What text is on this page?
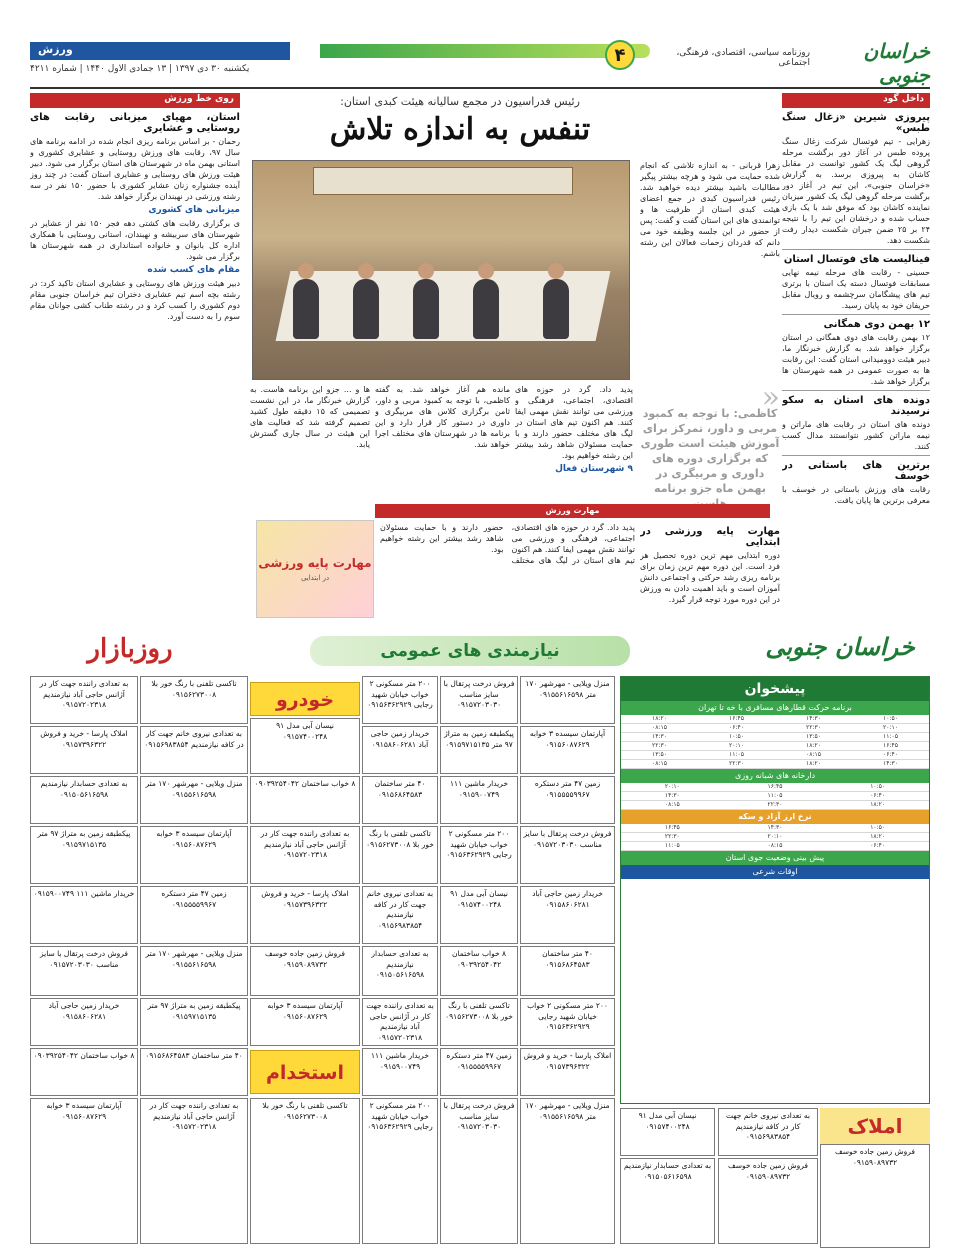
خراسان جنوبی
روزنامه سیاسی، اقتصادی، فرهنگی، اجتماعی
۴
ورزش
یکشنبه ۳۰ دی ۱۳۹۷ | ۱۳ جمادی الاول ۱۴۴۰ | شماره ۴۲۱۱
داخل گود
پیروزی شیرین «زغال سنگ طبس»
زهرایی - تیم فوتسال شرکت زغال سنگ پروده طبس در آغاز دور برگشت مرحله گروهی لیگ یک کشور توانست در مقابل کاشان به پیروزی برسد. به گزارش «خراسان جنوبی»، این تیم در آغاز دور برگشت مرحله گروهی لیگ یک کشور میزبان نماینده کاشان بود که موفق شد با یک بازی حساب شده و درخشان این تیم را با نتیجه ۲۴ بر ۲۵ ضمن جبران شکست دیدار رفت شکست دهد.
فینالیست های فوتسال استان
حسینی - رقابت های مرحله نیمه نهایی مسابقات فوتسال دسته یک استان با برتری تیم های پیشگامان سرچشمه و رویال مقابل حریفان خود به پایان رسید.
۱۲ بهمن دوی همگانی
۱۲ بهمن رقابت های دوی همگانی در استان برگزار خواهد شد. به گزارش خبرنگار ما، دبیر هیئت دوومیدانی استان گفت: این رقابت ها به صورت عمومی در همه شهرستان ها برگزار خواهد شد.
دونده های استان به سکو نرسیدند
دونده های استان در رقابت های ماراتن و نیمه ماراتن کشور نتوانستند مدال کسب کنند.
برترین های باستانی در خوسف
رقابت های ورزش باستانی در خوسف با معرفی برترین ها پایان یافت.
رئیس فدراسیون در مجمع سالیانه هیئت کبدی استان:
تنفس به اندازه تلاش
زهرا قربانی - به اندازه تلاشی که انجام شده حمایت می شود و هرچه بیشتر پیگیر مطالبات باشید بیشتر دیده خواهید شد. رئیس فدراسیون کبدی در جمع اعضای هیئت کبدی استان از ظرفیت ها و توانمندی های این استان گفت و گفت: پس از حضور در این جلسه وظیفه خود می دانم که قدردان زحمات فعالان این رشته باشم.
پدید داد. گرد در حوزه های اقتصادی، اجتماعی، فرهنگی و ورزشی می توانند نقش مهمی ایفا کنند. هم اکنون تیم های استان در لیگ های مختلف حضور دارند و با حمایت مسئولان شاهد رشد بیشتر این رشته خواهیم بود.
۹ شهرستان فعال
مانده هم آغاز خواهد شد. به گفته کاظمی، با توجه به کمبود مربی و داور، ثامن برگزاری کلاس های مربیگری و داوری در دستور کار قرار دارد و این برنامه ها در شهرستان های مختلف اجرا خواهد شد.
ها و ... جزو این برنامه هاست. به گزارش خبرنگار ما، در این نشست تصمیمی که ۱۵ دقیقه طول کشید تصمیم گرفته شد که فعالیت های این هیئت در سال جاری گسترش یابد.
«
کاظمی: با توجه به کمبود مربی و داور، تمرکز برای آموزش هیئت است طوری که برگزاری دوره های داوری و مربیگری در بهمن ماه جزو برنامه
مهارت ورزش
مهارت پایه ورزشی
در ابتدایی
مهارت پایه ورزشی در ابتدایی
دوره ابتدایی مهم ترین دوره تحصیل هر فرد است. این دوره مهم ترین زمان برای برنامه ریزی رشد حرکتی و اجتماعی دانش آموزان است و باید اهمیت دادن به ورزش در این دوره مورد توجه قرار گیرد.
پدید داد. گرد در حوزه های اقتصادی، اجتماعی، فرهنگی و ورزشی می توانند نقش مهمی ایفا کنند. هم اکنون تیم های استان در لیگ های مختلف حضور دارند و با حمایت مسئولان شاهد رشد بیشتر این رشته خواهیم بود.
روی خط ورزش
استان، مهیای میزبانی رقابت های روستایی و عشایری
رحمان - بر اساس برنامه ریزی انجام شده در ادامه برنامه های سال ۹۷، رقابت های ورزش روستایی و عشایری کشوری و استانی بهمن ماه در شهرستان های استان برگزار می شود. دبیر هیئت ورزش های روستایی و عشایری استان گفت: در چند روز آینده جشنواره زنان عشایر کشوری با حضور ۱۵۰ نفر در سه رشته ورزشی در نهبندان برگزار خواهد شد.
میزبانی های کشوری
ی برگزاری رقابت های کشتی دهه فجر ۱۵۰ نفر از عشایر در شهرستان های سربیشه و نهبندان، استانی روستایی با همکاری اداره کل بانوان و خانواده استانداری در همه شهرستان ها برگزار می شود.
مقام های کسب شده
دبیر هیئت ورزش های روستایی و عشایری استان تاکید کرد: در رشته بچه اسم تیم عشایری دختران تیم خراسان جنوبی مقام دوم کشوری را کسب کرد و در رشته طناب کشی جوانان مقام سوم را به دست آورد.
خراسان جنوبی
نیازمندی های عمومی
روزبازار
پیشخوان
برنامه حرکت قطارهای مسافری با خه تا تهران
۱۰:۵۰
۱۴:۳۰
۱۶:۴۵
۱۸:۲۰
۲۰:۱۰
۲۲:۳۰
۰۶:۴۰
۰۸:۱۵
۱۱:۰۵
۱۳:۵۰
۱۰:۵۰
۱۴:۳۰
۱۶:۴۵
۱۸:۲۰
۲۰:۱۰
۲۲:۳۰
۰۶:۴۰
۰۸:۱۵
۱۱:۰۵
۱۳:۵۰
۱۴:۳۰
۱۸:۲۰
۲۲:۳۰
۰۸:۱۵
دارخانه های شبانه روزی
۱۰:۵۰
۱۶:۴۵
۲۰:۱۰
۰۶:۴۰
۱۱:۰۵
۱۴:۳۰
۱۸:۲۰
۲۲:۳۰
۰۸:۱۵
نرخ ارز آزاد و سکه
۱۰:۵۰
۱۴:۳۰
۱۶:۴۵
۱۸:۲۰
۲۰:۱۰
۲۲:۳۰
۰۶:۴۰
۰۸:۱۵
۱۱:۰۵
پیش بینی وضعیت جوی استان
اوقات شرعی
منزل ویلایی - مهرشهر ۱۷۰ متر ۰۹۱۵۵۶۱۶۵۹۸
فروش درخت پرتقال با سایز مناسب ۰۹۱۵۷۲۰۳۰۳۰
۲۰۰ متر مسکونی ۲ خواب خیابان شهید رجایی ۰۹۱۵۶۳۶۲۹۲۹
خودرو
تاکسی تلفنی با رنگ خور بلا ۰۹۱۵۶۲۷۳۰۰۸
به تعدادی راننده جهت کار در آژانس حاجی آباد نیازمندیم ۰۹۱۵۷۲۰۲۳۱۸
آپارتمان سیسده ۳ خوابه ۰۹۱۵۶۰۸۷۶۲۹
پیکطبقه زمین به متراژ ۹۷ متر ۰۹۱۵۹۷۱۵۱۳۵
خریدار زمین حاجی آباد ۰۹۱۵۸۶۰۶۲۸۱
نیسان آبی مدل ۹۱ ۰۹۱۵۷۴۰۰۲۴۸
به تعدادی نیروی خانم جهت کار در کافه نیازمندیم ۰۹۱۵۶۹۸۳۸۵۴
املاک پارسا - خرید و فروش ۰۹۱۵۷۳۹۶۳۲۲
زمین ۴۷ متر دستکره ۰۹۱۵۵۵۵۹۹۶۷
خریدار ماشین ۱۱۱ ۰۹۱۵۹۰۰۷۴۹
۴۰ متر ساختمان ۰۹۱۵۶۸۶۴۵۸۳
۸ خواب ساختمان ۰۹۰۳۹۲۵۴۰۴۲
منزل ویلایی - مهرشهر ۱۷۰ متر ۰۹۱۵۵۶۱۶۵۹۸
به تعدادی حسابدار نیازمندیم ۰۹۱۵۰۵۶۱۶۵۹۸
فروش درخت پرتقال با سایز مناسب ۰۹۱۵۷۲۰۳۰۳۰
۲۰۰ متر مسکونی ۲ خواب خیابان شهید رجایی ۰۹۱۵۶۳۶۲۹۲۹
تاکسی تلفنی با رنگ خور بلا ۰۹۱۵۶۲۷۳۰۰۸
به تعدادی راننده جهت کار در آژانس حاجی آباد نیازمندیم ۰۹۱۵۷۲۰۲۳۱۸
آپارتمان سیسده ۳ خوابه ۰۹۱۵۶۰۸۷۶۲۹
پیکطبقه زمین به متراژ ۹۷ متر ۰۹۱۵۹۷۱۵۱۳۵
خریدار زمین حاجی آباد ۰۹۱۵۸۶۰۶۲۸۱
نیسان آبی مدل ۹۱ ۰۹۱۵۷۴۰۰۲۴۸
به تعدادی نیروی خانم جهت کار در کافه نیازمندیم ۰۹۱۵۶۹۸۳۸۵۴
املاک پارسا - خرید و فروش ۰۹۱۵۷۳۹۶۳۲۲
زمین ۴۷ متر دستکره ۰۹۱۵۵۵۵۹۹۶۷
خریدار ماشین ۱۱۱ ۰۹۱۵۹۰۰۷۴۹
۴۰ متر ساختمان ۰۹۱۵۶۸۶۴۵۸۳
۸ خواب ساختمان ۰۹۰۳۹۲۵۴۰۴۲
به تعدادی حسابدار نیازمندیم ۰۹۱۵۰۵۶۱۶۵۹۸
فروش زمین جاده خوسف ۰۹۱۵۹۰۸۹۷۳۲
منزل ویلایی - مهرشهر ۱۷۰ متر ۰۹۱۵۵۶۱۶۵۹۸
فروش درخت پرتقال با سایز مناسب ۰۹۱۵۷۲۰۳۰۳۰
۲۰۰ متر مسکونی ۲ خواب خیابان شهید رجایی ۰۹۱۵۶۳۶۲۹۲۹
تاکسی تلفنی با رنگ خور بلا ۰۹۱۵۶۲۷۳۰۰۸
به تعدادی راننده جهت کار در آژانس حاجی آباد نیازمندیم ۰۹۱۵۷۲۰۲۳۱۸
آپارتمان سیسده ۳ خوابه ۰۹۱۵۶۰۸۷۶۲۹
پیکطبقه زمین به متراژ ۹۷ متر ۰۹۱۵۹۷۱۵۱۳۵
خریدار زمین حاجی آباد ۰۹۱۵۸۶۰۶۲۸۱
نیسان آبی مدل ۹۱ ۰۹۱۵۷۴۰۰۲۴۸
به تعدادی نیروی خانم جهت کار در کافه نیازمندیم ۰۹۱۵۶۹۸۳۸۵۴
املاک پارسا - خرید و فروش ۰۹۱۵۷۳۹۶۳۲۲
زمین ۴۷ متر دستکره ۰۹۱۵۵۵۵۹۹۶۷
خریدار ماشین ۱۱۱ ۰۹۱۵۹۰۰۷۴۹
استخدام
۴۰ متر ساختمان ۰۹۱۵۶۸۶۴۵۸۳
۸ خواب ساختمان ۰۹۰۳۹۲۵۴۰۴۲
به تعدادی حسابدار نیازمندیم ۰۹۱۵۰۵۶۱۶۵۹۸
فروش زمین جاده خوسف ۰۹۱۵۹۰۸۹۷۳۲
منزل ویلایی - مهرشهر ۱۷۰ متر ۰۹۱۵۵۶۱۶۵۹۸
فروش درخت پرتقال با سایز مناسب ۰۹۱۵۷۲۰۳۰۳۰
۲۰۰ متر مسکونی ۲ خواب خیابان شهید رجایی ۰۹۱۵۶۳۶۲۹۲۹
تاکسی تلفنی با رنگ خور بلا ۰۹۱۵۶۲۷۳۰۰۸
به تعدادی راننده جهت کار در آژانس حاجی آباد نیازمندیم ۰۹۱۵۷۲۰۲۳۱۸
آپارتمان سیسده ۳ خوابه ۰۹۱۵۶۰۸۷۶۲۹	املاک
فروش زمین جاده خوسف ۰۹۱۵۹۰۸۹۷۳۲
